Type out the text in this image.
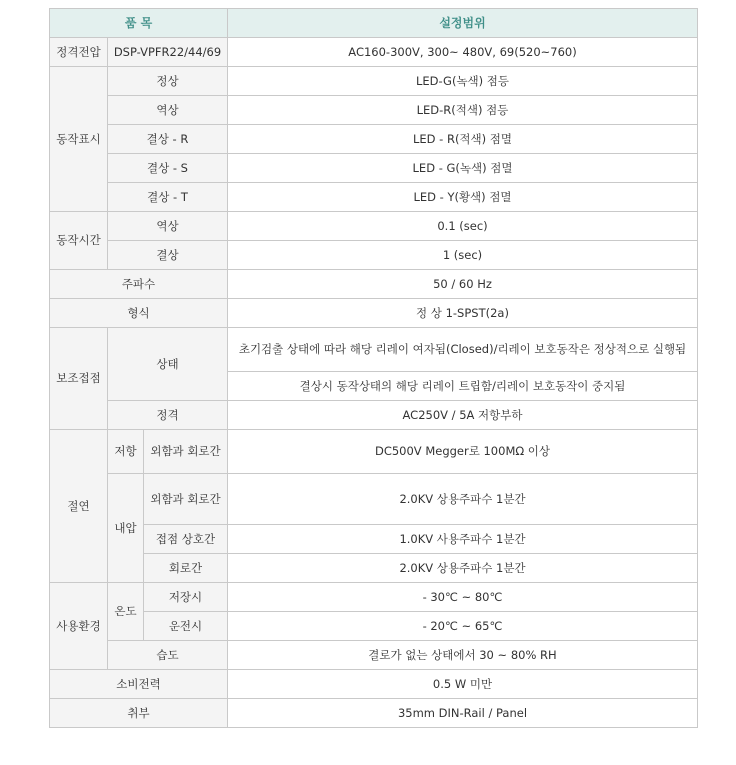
품 목			설정범위
정격전압	DSP-VPFR22/44/69		AC160-300V, 300~ 480V, 69(520~760)
동작표시	정상		LED-G(녹색) 점등
	역상		LED-R(적색) 점등
	결상 - R		LED - R(적색) 점멸
	결상 - S		LED - G(녹색) 점멸
	결상 - T		LED - Y(황색) 점멸
동작시간	역상		0.1 (sec)
	결상		1 (sec)
주파수			50 / 60 Hz
형식			정 상 1-SPST(2a)
보조접점	상태		초기검출 상태에 따라 해당 리레이 여자됨(Closed)/리레이 보호동작은 정상적으로 실행됨
			결상시 동작상태의 해당 리레이 트립함/리레이 보호동작이 중지됨
	정격		AC250V / 5A 저항부하
절연	저항	외함과 회로간	DC500V Megger로 100MΩ 이상
	내압	외함과 회로간	2.0KV 상용주파수 1분간
		접점 상호간	1.0KV 사용주파수 1분간
		회로간	2.0KV 상용주파수 1분간
사용환경	온도	저장시	- 30℃ ~ 80℃
		운전시	- 20℃ ~ 65℃
	습도		결로가 없는 상태에서 30 ~ 80% RH
소비전력			0.5 W 미만
취부			35mm DIN-Rail / Panel
